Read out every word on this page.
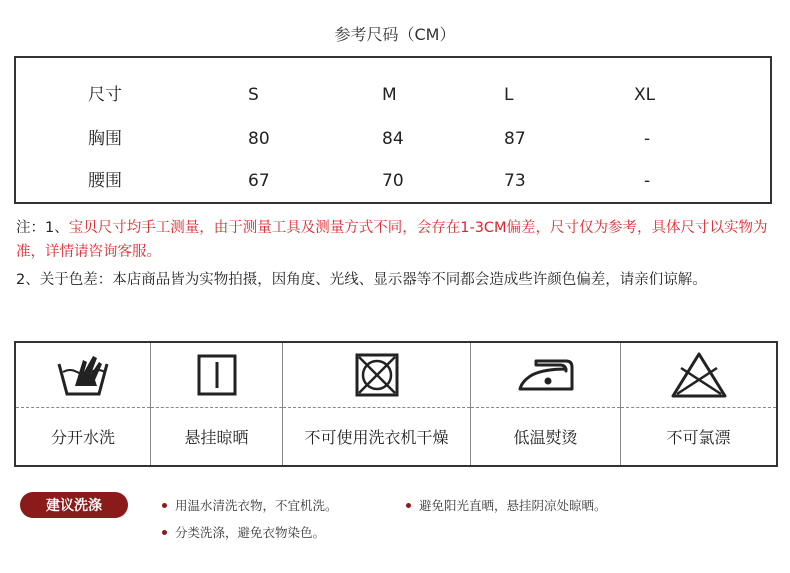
参考尺码（CM）
尺寸	S	M	L	XL
胸围	80	84	87	-
腰围	67	70	73	-
注：1、宝贝尺寸均手工测量，由于测量工具及测量方式不同，会存在1-3CM偏差，尺寸仅为参考，具体尺寸以实物为准，详情请咨询客服。
2、关于色差：本店商品皆为实物拍摄，因角度、光线、显示器等不同都会造成些许颜色偏差，请亲们谅解。
分开水洗	悬挂晾晒	不可使用洗衣机干燥	低温熨烫	不可氯漂
建议洗涤	用温水清洗衣物，不宜机洗。	避免阳光直晒，悬挂阴凉处晾晒。
分类洗涤，避免衣物染色。
